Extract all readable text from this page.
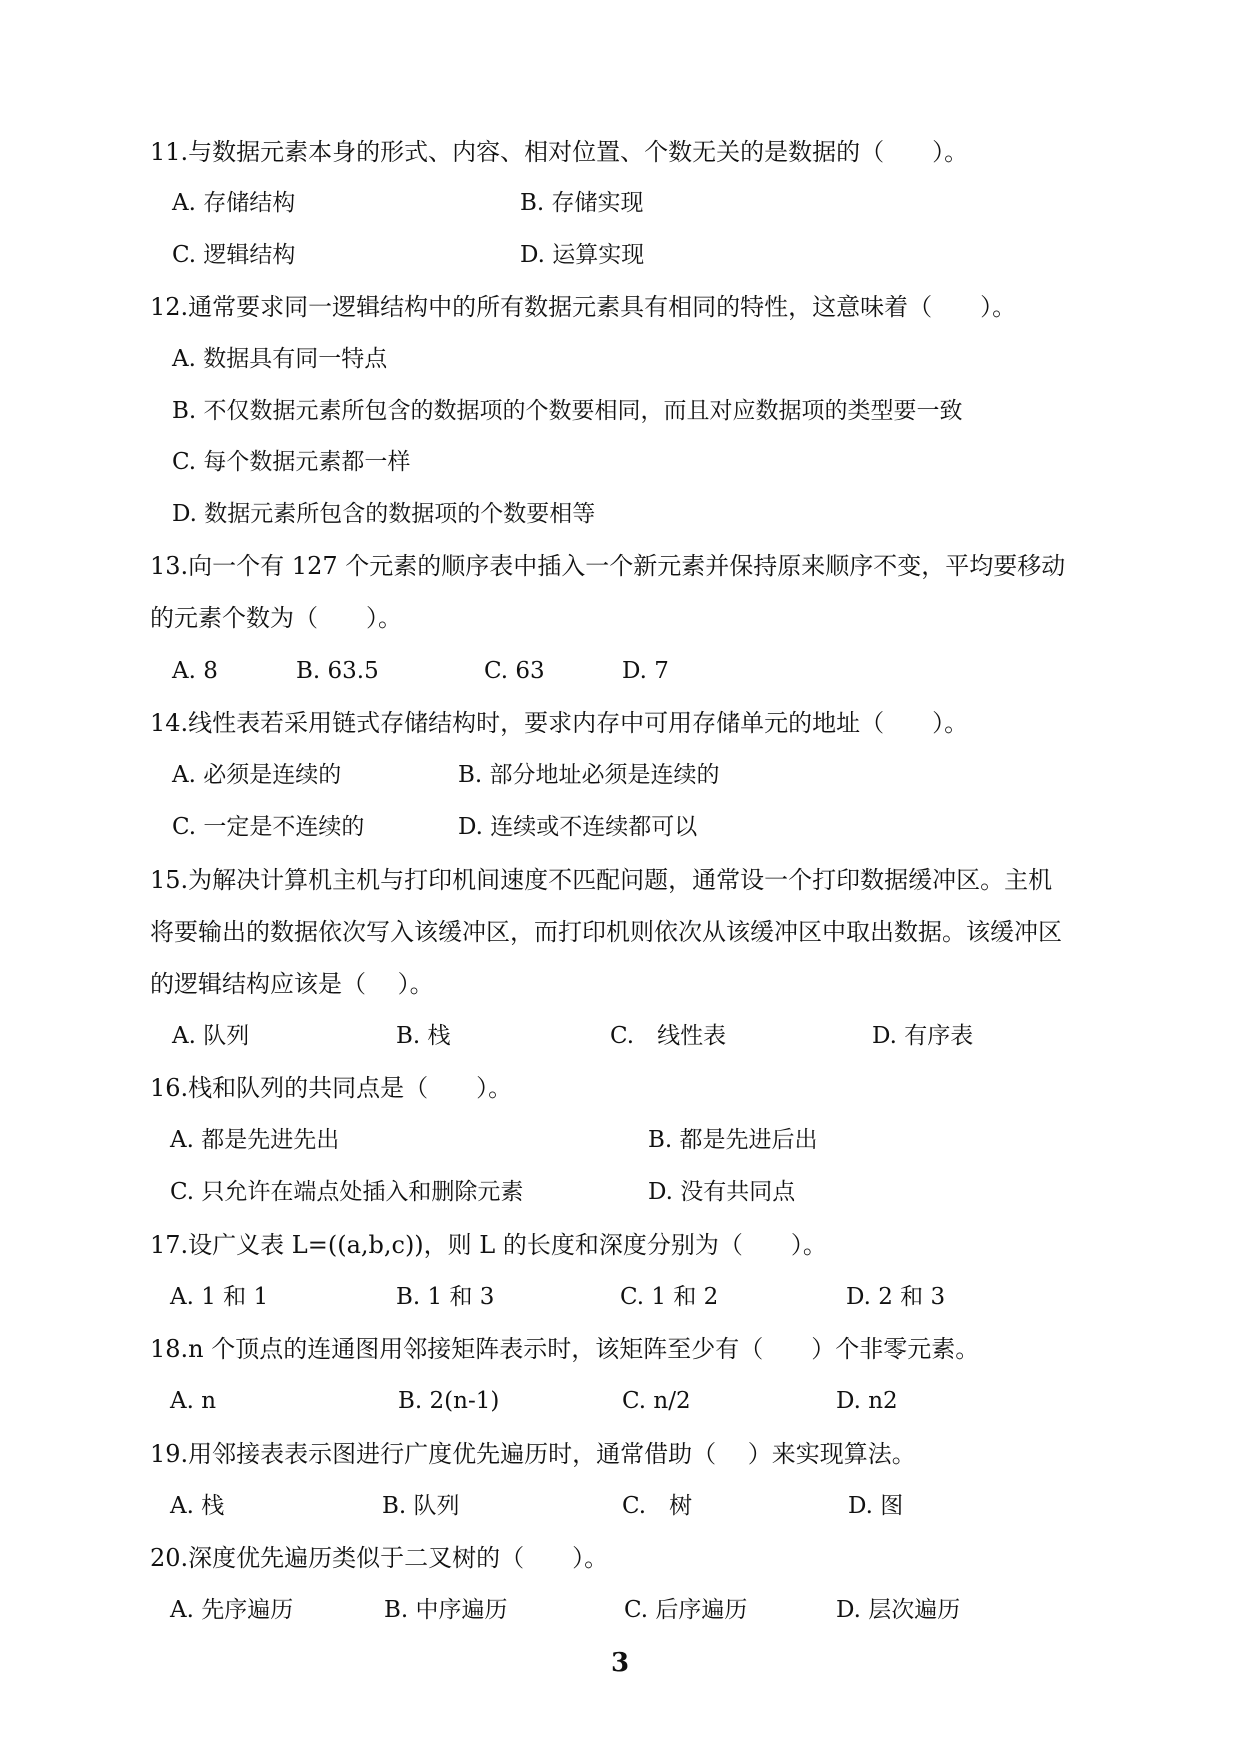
11.与数据元素本身的形式、内容、相对位置、个数无关的是数据的（　　）。
A. 存储结构	B. 存储实现
C. 逻辑结构	D. 运算实现
12.通常要求同一逻辑结构中的所有数据元素具有相同的特性，这意味着（　　）。
A. 数据具有同一特点
B. 不仅数据元素所包含的数据项的个数要相同，而且对应数据项的类型要一致
C. 每个数据元素都一样
D. 数据元素所包含的数据项的个数要相等
13.向一个有 127 个元素的顺序表中插入一个新元素并保持原来顺序不变，平均要移动
的元素个数为（　　）。
A. 8	B. 63.5	C. 63	D. 7
14.线性表若采用链式存储结构时，要求内存中可用存储单元的地址（　　）。
A. 必须是连续的	B. 部分地址必须是连续的
C. 一定是不连续的	D. 连续或不连续都可以
15.为解决计算机主机与打印机间速度不匹配问题，通常设一个打印数据缓冲区。主机
将要输出的数据依次写入该缓冲区，而打印机则依次从该缓冲区中取出数据。该缓冲区
的逻辑结构应该是（　 ）。
A. 队列	B. 栈	C.　线性表	D. 有序表
16.栈和队列的共同点是（　　）。
A. 都是先进先出	B. 都是先进后出
C. 只允许在端点处插入和删除元素	D. 没有共同点
17.设广义表 L=((a,b,c))，则 L 的长度和深度分别为（　　）。
A. 1 和 1	B. 1 和 3	C. 1 和 2	D. 2 和 3
18.n 个顶点的连通图用邻接矩阵表示时，该矩阵至少有（　　）个非零元素。
A. n	B. 2(n-1)	C. n/2	D. n2
19.用邻接表表示图进行广度优先遍历时，通常借助（　 ）来实现算法。
A. 栈	B. 队列	C.　树	D. 图
20.深度优先遍历类似于二叉树的（　　）。
A. 先序遍历	B. 中序遍历	C. 后序遍历	D. 层次遍历
3
